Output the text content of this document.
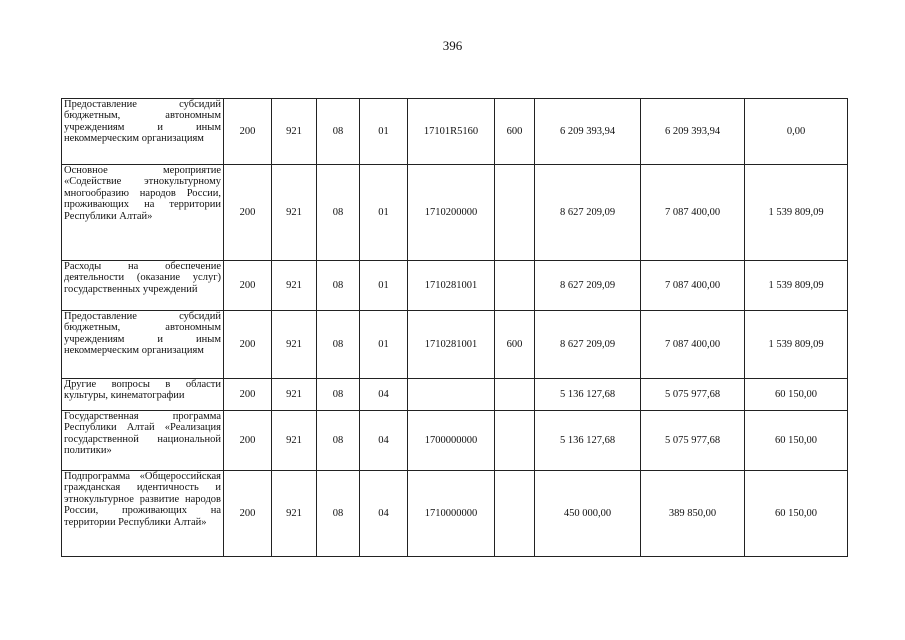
396
Предоставление субсидий бюджетным, автономным учреждениям и иным некоммерческим организациям	200	921	08	01	17101R5160	600	6 209 393,94	6 209 393,94	0,00
Основное мероприятие «Содействие этнокультурному многообразию народов России, проживающих на территории Республики Алтай»	200	921	08	01	1710200000		8 627 209,09	7 087 400,00	1 539 809,09
Расходы на обеспечение деятельности (оказание услуг) государственных учреждений	200	921	08	01	1710281001		8 627 209,09	7 087 400,00	1 539 809,09
Предоставление субсидий бюджетным, автономным учреждениям и иным некоммерческим организациям	200	921	08	01	1710281001	600	8 627 209,09	7 087 400,00	1 539 809,09
Другие вопросы в области культуры, кинематографии	200	921	08	04			5 136 127,68	5 075 977,68	60 150,00
Государственная программа Республики Алтай «Реализация государственной национальной политики»	200	921	08	04	1700000000		5 136 127,68	5 075 977,68	60 150,00
Подпрограмма «Общероссийская гражданская идентичность и этнокультурное развитие народов России, проживающих на территории Республики Алтай»	200	921	08	04	1710000000		450 000,00	389 850,00	60 150,00
